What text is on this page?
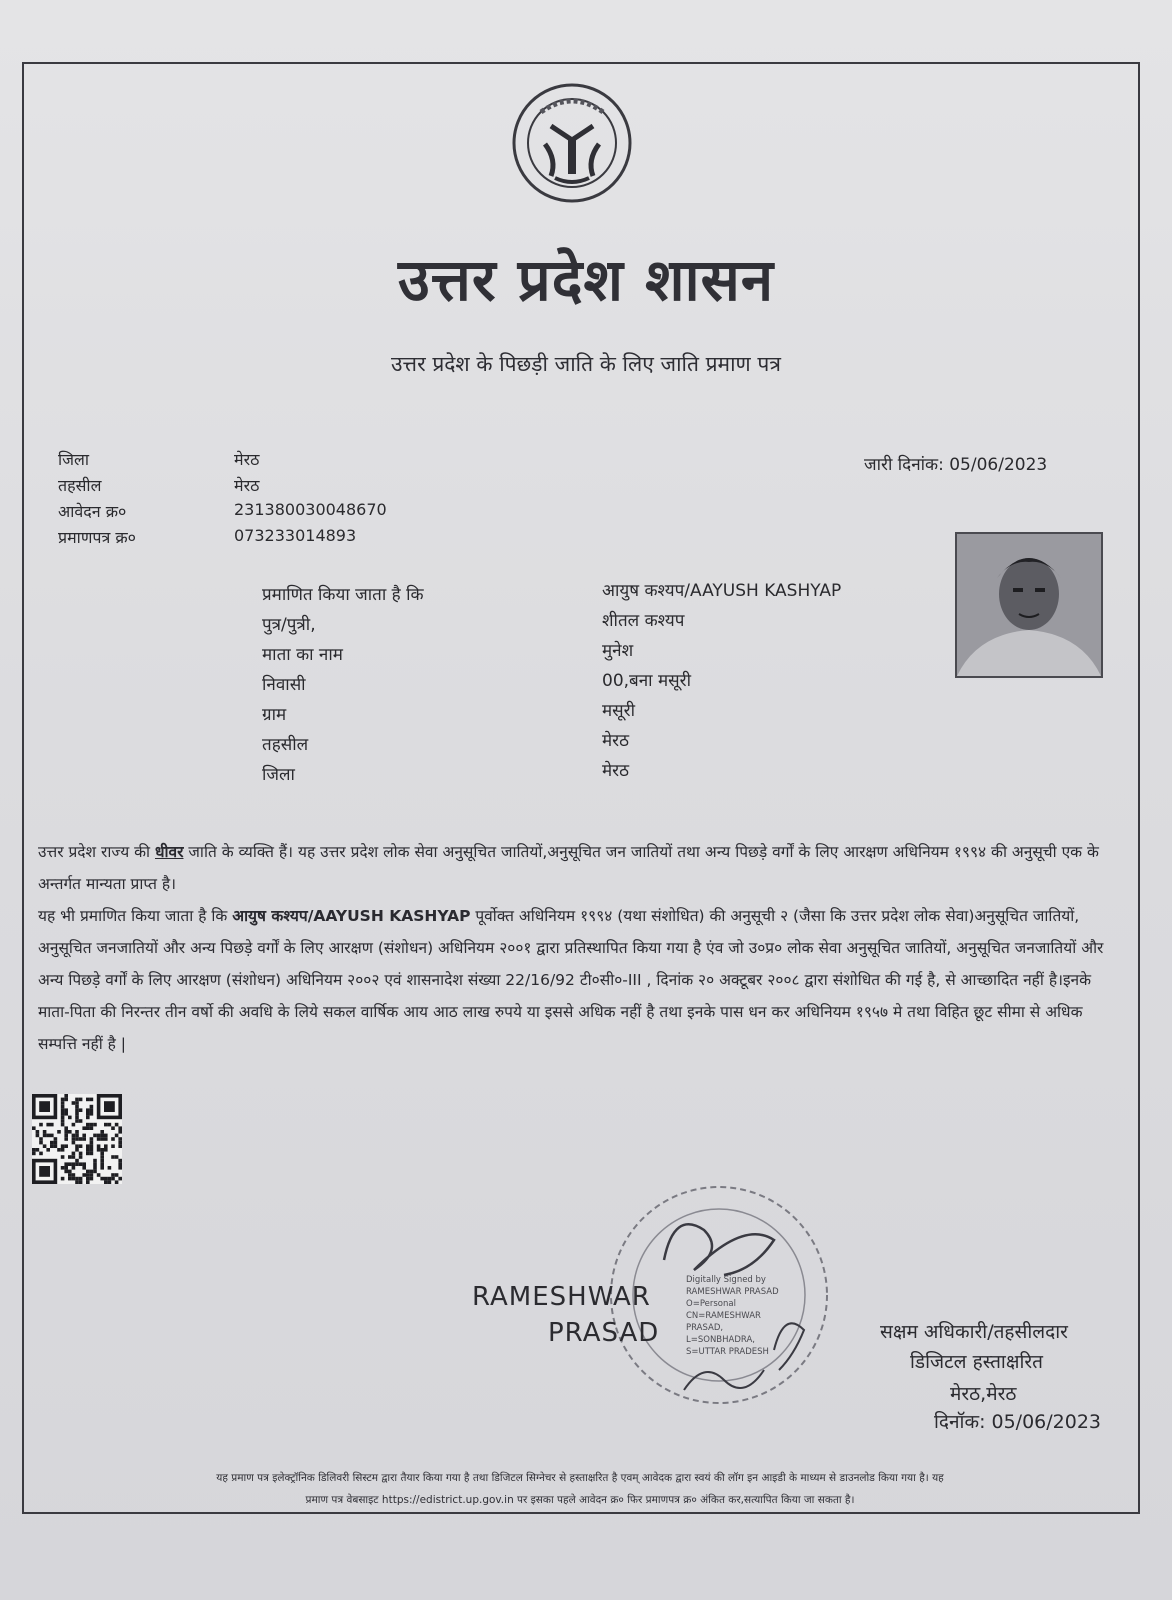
उत्तर प्रदेश शासन
उत्तर प्रदेश के पिछड़ी जाति के लिए जाति प्रमाण पत्र
जिला	मेरठ
तहसील	मेरठ
आवेदन क्र०	231380030048670
प्रमाणपत्र क्र०	073233014893
जारी दिनांक: 05/06/2023
प्रमाणित किया जाता है कि	आयुष कश्यप/AAYUSH KASHYAP
पुत्र/पुत्री,	शीतल कश्यप
माता का नाम	मुनेश
निवासी	00,बना मसूरी
ग्राम	मसूरी
तहसील	मेरठ
जिला	मेरठ
उत्तर प्रदेश राज्य की धीवर जाति के व्यक्ति हैं। यह उत्तर प्रदेश लोक सेवा अनुसूचित जातियों,अनुसूचित जन जातियों तथा अन्य पिछड़े वर्गों के लिए आरक्षण अधिनियम १९९४ की अनुसूची एक के अन्तर्गत मान्यता प्राप्त है।
यह भी प्रमाणित किया जाता है कि आयुष कश्यप/AAYUSH KASHYAP पूर्वोक्त अधिनियम १९९४ (यथा संशोधित) की अनुसूची २ (जैसा कि उत्तर प्रदेश लोक सेवा)अनुसूचित जातियों, अनुसूचित जनजातियों और अन्य पिछड़े वर्गों के लिए आरक्षण (संशोधन) अधिनियम २००१ द्वारा प्रतिस्थापित किया गया है एंव जो उ०प्र० लोक सेवा अनुसूचित जातियों, अनुसूचित जनजातियों और अन्य पिछड़े वर्गों के लिए आरक्षण (संशोधन) अधिनियम २००२ एवं शासनादेश संख्या 22/16/92 टी०सी०-III , दिनांक २० अक्टूबर २००८ द्वारा संशोधित की गई है, से आच्छादित नहीं है।इनके माता-पिता की निरन्तर तीन वर्षो की अवधि के लिये सकल वार्षिक आय आठ लाख रुपये या इससे अधिक नहीं है तथा इनके पास धन कर अधिनियम १९५७ मे तथा विहित छूट सीमा से अधिक सम्पत्ति नहीं है |
RAMESHWAR
PRASAD
Digitally Signed by
RAMESHWAR PRASAD
O=Personal
CN=RAMESHWAR
PRASAD,
L=SONBHADRA,
S=UTTAR PRADESH
सक्षम अधिकारी/तहसीलदार
डिजिटल हस्ताक्षरित
मेरठ,मेरठ
दिनॉक: 05/06/2023
यह प्रमाण पत्र इलेक्ट्रॉनिक डिलिवरी सिस्टम द्वारा तैयार किया गया है तथा डिजिटल सिग्नेचर से हस्ताक्षरित है एवम् आवेदक द्वारा स्वयं की लॉग इन आइडी के माध्यम से डाउनलोड किया गया है। यह
प्रमाण पत्र वेबसाइट https://edistrict.up.gov.in पर इसका पहले आवेदन क्र० फिर प्रमाणपत्र क्र० अंकित कर,सत्यापित किया जा सकता है।
